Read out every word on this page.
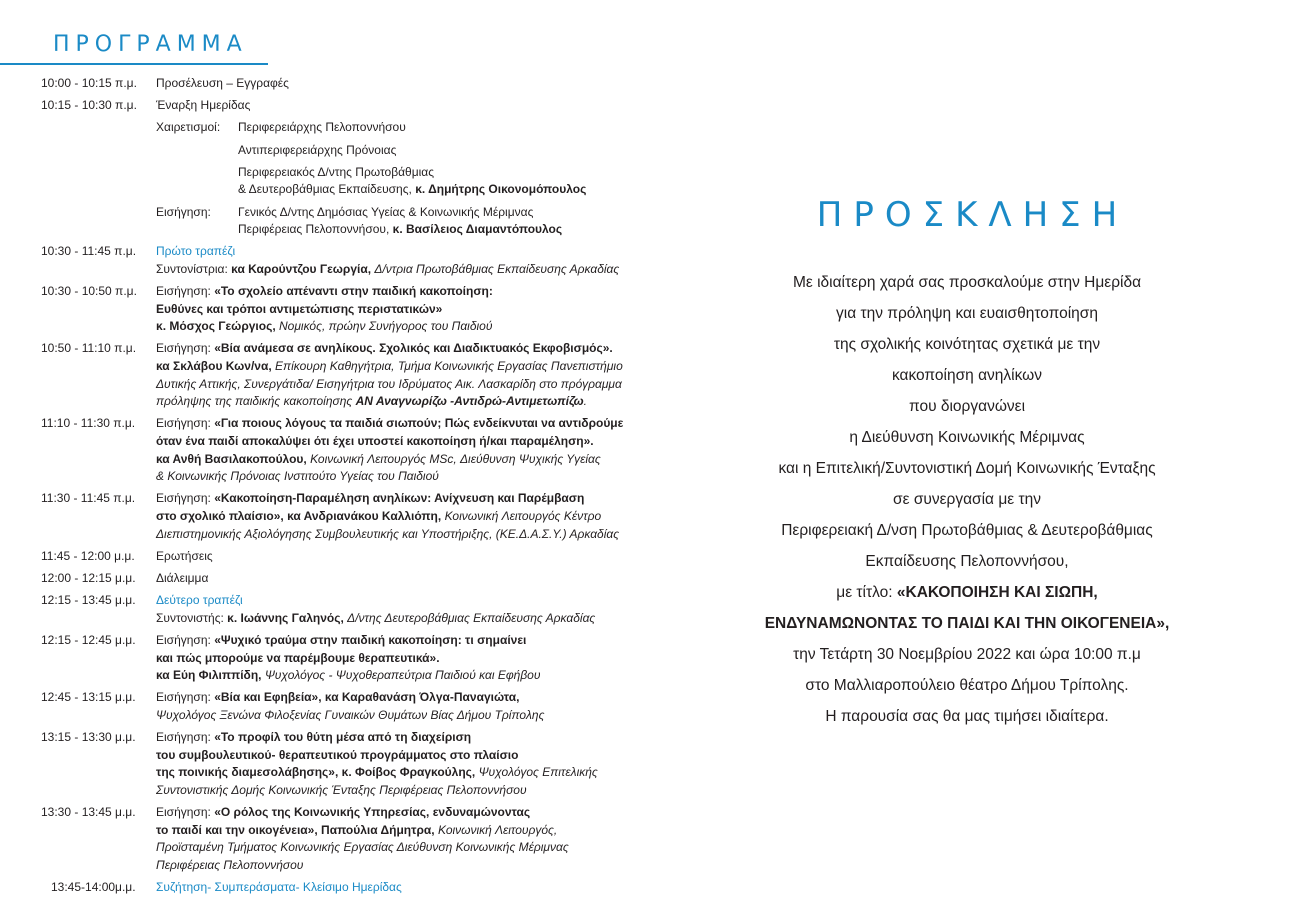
ΠΡΟΓΡΑΜΜΑ
10:00 - 10:15 π.μ.	Προσέλευση – Εγγραφές
10:15 - 10:30 π.μ.	Έναρξη Ημερίδας
Χαιρετισμοί:	Περιφερειάρχης Πελοποννήσου
Αντιπεριφερειάρχης Πρόνοιας
Περιφερειακός Δ/ντης Πρωτοβάθμιας
& Δευτεροβάθμιας Εκπαίδευσης, κ. Δημήτρης Οικονομόπουλος
Εισήγηση:	Γενικός Δ/ντης Δημόσιας Υγείας & Κοινωνικής Μέριμνας
Περιφέρειας Πελοποννήσου, κ. Βασίλειος Διαμαντόπουλος
10:30 - 11:45 π.μ.	Πρώτο τραπέζι
Συντονίστρια: κα Καρούντζου Γεωργία, Δ/ντρια Πρωτοβάθμιας Εκπαίδευσης Αρκαδίας
10:30 - 10:50 π.μ.	Εισήγηση: «Το σχολείο απέναντι στην παιδική κακοποίηση:
Ευθύνες και τρόποι αντιμετώπισης περιστατικών»
κ. Μόσχος Γεώργιος, Νομικός, πρώην Συνήγορος του Παιδιού
10:50 - 11:10 π.μ.	Εισήγηση: «Βία ανάμεσα σε ανηλίκους. Σχολικός και Διαδικτυακός Εκφοβισμός».
κα Σκλάβου Κων/να, Επίκουρη Καθηγήτρια, Τμήμα Κοινωνικής Εργασίας Πανεπιστήμιο
Δυτικής Αττικής, Συνεργάτιδα/ Εισηγήτρια του Ιδρύματος Αικ. Λασκαρίδη στο πρόγραμμα
πρόληψης της παιδικής κακοποίησης ΑΝ Αναγνωρίζω -Αντιδρώ-Αντιμετωπίζω.
11:10 - 11:30 π.μ.	Εισήγηση: «Για ποιους λόγους τα παιδιά σιωπούν; Πώς ενδείκνυται να αντιδρούμε
όταν ένα παιδί αποκαλύψει ότι έχει υποστεί κακοποίηση ή/και παραμέληση».
κα Ανθή Βασιλακοπούλου, Κοινωνική Λειτουργός MSc, Διεύθυνση Ψυχικής Υγείας
& Κοινωνικής Πρόνοιας Ινστιτούτο Υγείας του Παιδιού
11:30 - 11:45 π.μ.	Εισήγηση: «Κακοποίηση-Παραμέληση ανηλίκων: Ανίχνευση και Παρέμβαση
στο σχολικό πλαίσιο», κα Ανδριανάκου Καλλιόπη, Κοινωνική Λειτουργός Κέντρο
Διεπιστημονικής Αξιολόγησης Συμβουλευτικής και Υποστήριξης, (ΚΕ.Δ.Α.Σ.Υ.) Αρκαδίας
11:45 - 12:00 μ.μ.	Ερωτήσεις
12:00 - 12:15 μ.μ.	Διάλειμμα
12:15 - 13:45 μ.μ.	Δεύτερο τραπέζι
Συντονιστής: κ. Ιωάννης Γαληνός, Δ/ντης Δευτεροβάθμιας Εκπαίδευσης Αρκαδίας
12:15 - 12:45 μ.μ.	Εισήγηση: «Ψυχικό τραύμα στην παιδική κακοποίηση: τι σημαίνει
και πώς μπορούμε να παρέμβουμε θεραπευτικά».
κα Εύη Φιλιππίδη, Ψυχολόγος - Ψυχοθεραπεύτρια Παιδιού και Εφήβου
12:45 - 13:15 μ.μ.	Εισήγηση: «Βία και Εφηβεία», κα Καραθανάση Όλγα-Παναγιώτα,
Ψυχολόγος Ξενώνα Φιλοξενίας Γυναικών Θυμάτων Βίας Δήμου Τρίπολης
13:15 - 13:30 μ.μ.	Εισήγηση: «Το προφίλ του θύτη μέσα από τη διαχείριση
του συμβουλευτικού- θεραπευτικού προγράμματος στο πλαίσιο
της ποινικής διαμεσολάβησης», κ. Φοίβος Φραγκούλης, Ψυχολόγος Επιτελικής
Συντονιστικής Δομής Κοινωνικής Ένταξης Περιφέρειας Πελοποννήσου
13:30 - 13:45 μ.μ.	Εισήγηση: «Ο ρόλος της Κοινωνικής Υπηρεσίας, ενδυναμώνοντας
το παιδί και την οικογένεια», Παπούλια Δήμητρα, Κοινωνική Λειτουργός,
Προϊσταμένη Τμήματος Κοινωνικής Εργασίας Διεύθυνση Κοινωνικής Μέριμνας
Περιφέρειας Πελοποννήσου
13:45-14:00μ.μ.	Συζήτηση- Συμπεράσματα- Κλείσιμο Ημερίδας
ΠΡΟΣΚΛΗΣΗ
Με ιδιαίτερη χαρά σας προσκαλούμε στην Ημερίδα
για την πρόληψη και ευαισθητοποίηση
της σχολικής κοινότητας σχετικά με την
κακοποίηση ανηλίκων
που διοργανώνει
η Διεύθυνση Κοινωνικής Μέριμνας
και η Επιτελική/Συντονιστική Δομή Κοινωνικής Ένταξης
σε συνεργασία με την
Περιφερειακή Δ/νση Πρωτοβάθμιας & Δευτεροβάθμιας
Εκπαίδευσης Πελοποννήσου,
με τίτλο: «ΚΑΚΟΠΟΙΗΣΗ ΚΑΙ ΣΙΩΠΗ,
ΕΝΔΥΝΑΜΩΝΟΝΤΑΣ ΤΟ ΠΑΙΔΙ ΚΑΙ ΤΗΝ ΟΙΚΟΓΕΝΕΙΑ»,
την Τετάρτη 30 Νοεμβρίου 2022 και ώρα 10:00 π.μ
στο Μαλλιαροπούλειο θέατρο Δήμου Τρίπολης.
Η παρουσία σας θα μας τιμήσει ιδιαίτερα.
